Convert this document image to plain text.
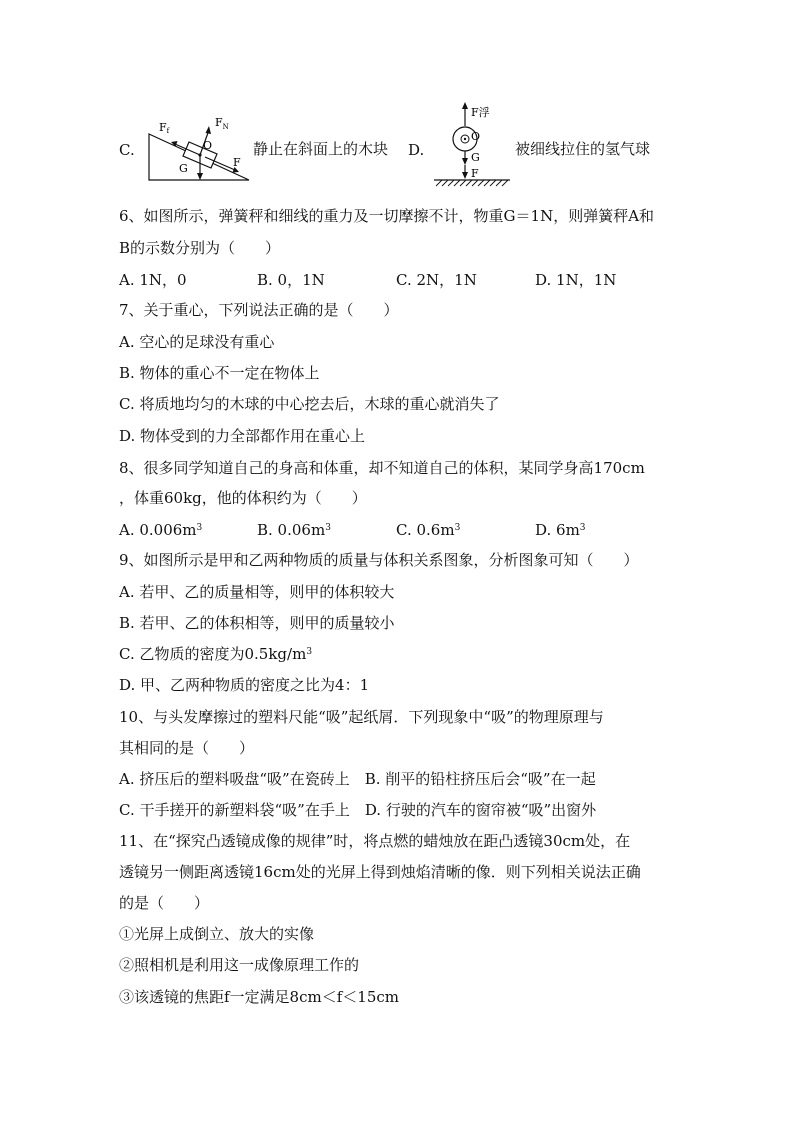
C.
Ff
$F_N$
O
G	F
静止在斜面上的木块 D.
F浮
O
G
F
被细线拉住的氢气球
6、如图所示，弹簧秤和细线的重力及一切摩擦不计，物重G＝1N，则弹簧秤A和
B的示数分别为（　　）
A. 1N，0	B. 0，1N	C. 2N，1N	D. 1N，1N
7、关于重心，下列说法正确的是（　　）
A. 空心的足球没有重心
B. 物体的重心不一定在物体上
C. 将质地均匀的木球的中心挖去后，木球的重心就消失了
D. 物体受到的力全部都作用在重心上
8、很多同学知道自己的身高和体重，却不知道自己的体积，某同学身高170cm
，体重60kg，他的体积约为（　　）
A. $0.006m^3$	B. $0.06m^3$	C. $0.6m^3$	D. $6m^3$
9、如图所示是甲和乙两种物质的质量与体积关系图象，分析图象可知（　　）
A. 若甲、乙的质量相等，则甲的体积较大
B. 若甲、乙的体积相等，则甲的质量较小
C. 乙物质的密度为$0.5kg/m^3$
D. 甲、乙两种物质的密度之比为4：1
10、与头发摩擦过的塑料尺能“吸”起纸屑．下列现象中“吸”的物理原理与
其相同的是（　　）
A. 挤压后的塑料吸盘“吸”在瓷砖上　B. 削平的铅柱挤压后会“吸”在一起
C. 干手搓开的新塑料袋“吸”在手上　D. 行驶的汽车的窗帘被“吸”出窗外
11、在“探究凸透镜成像的规律”时，将点燃的蜡烛放在距凸透镜30cm处，在
透镜另一侧距离透镜16cm处的光屏上得到烛焰清晰的像．则下列相关说法正确
的是（　　）
①光屏上成倒立、放大的实像
②照相机是利用这一成像原理工作的
③该透镜的焦距f一定满足8cm＜f＜15cm
